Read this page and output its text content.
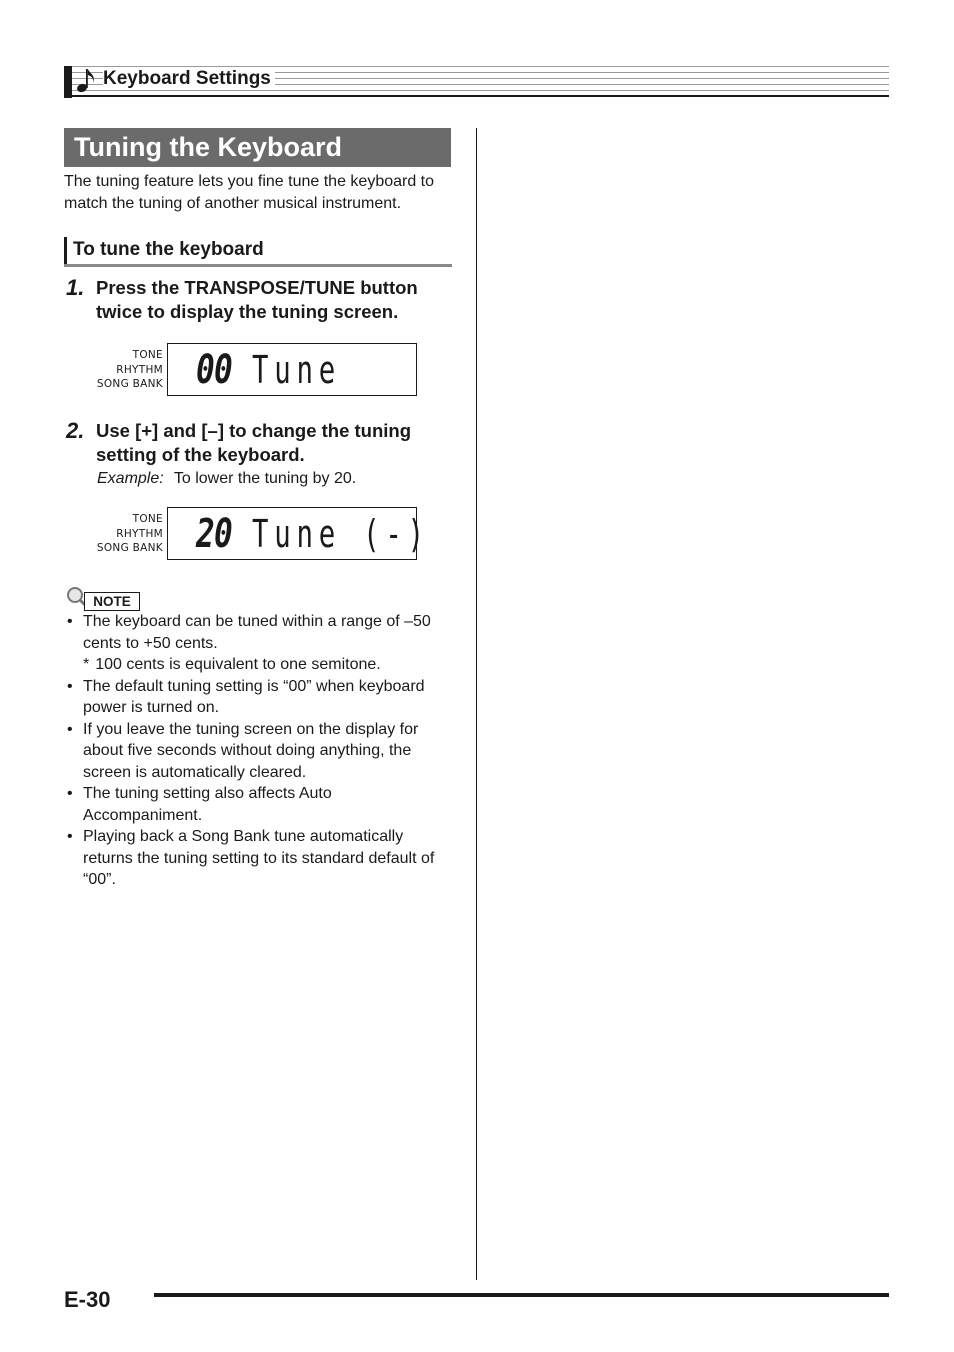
Keyboard Settings
Tuning the Keyboard
The tuning feature lets you fine tune the keyboard to match the tuning of another musical instrument.
To tune the keyboard
1. Press the TRANSPOSE/TUNE button twice to display the tuning screen.
TONE
RHYTHM
SONG BANK 00 Tune
2. Use [+] and [–] to change the tuning setting of the keyboard.
Example: To lower the tuning by 20.
TONE
RHYTHM
SONG BANK 20 Tune (-)
NOTE
• The keyboard can be tuned within a range of –50 cents to +50 cents.
* 100 cents is equivalent to one semitone.
• The default tuning setting is “00” when keyboard power is turned on.
• If you leave the tuning screen on the display for about five seconds without doing anything, the screen is automatically cleared.
• The tuning setting also affects Auto Accompaniment.
• Playing back a Song Bank tune automatically returns the tuning setting to its standard default of “00”.
E-30
